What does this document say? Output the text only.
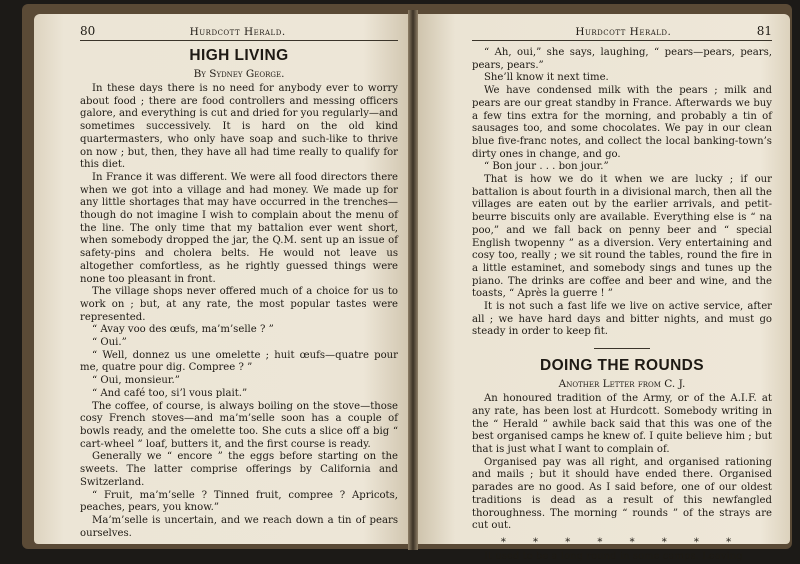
80	Hurdcott Herald.
HIGH LIVING
By Sydney George.

In these days there is no need for anybody ever to worry about food ; there are food controllers and messing officers galore, and everything is cut and dried for you regularly—and sometimes successively. It is hard on the old kind quartermasters, who only have soap and such-like to thrive on now ; but, then, they have all had time really to qualify for this diet.

In France it was different. We were all food directors there when we got into a village and had money. We made up for any little shortages that may have occurred in the trenches—though do not imagine I wish to complain about the menu of the line. The only time that my battalion ever went short, when somebody dropped the jar, the Q.M. sent up an issue of safety-pins and cholera belts. He would not leave us altogether comfortless, as he rightly guessed things were none too pleasant in front.

The village shops never offered much of a choice for us to work on ; but, at any rate, the most popular tastes were represented.

“ Avay voo des œufs, ma’m’selle ? ”

“ Oui.”

“ Well, donnez us une omelette ; huit œufs—quatre pour me, quatre pour dig. Compree ? ”

“ Oui, monsieur.”

“ And café too, si’l vous plait.”

The coffee, of course, is always boiling on the stove—those cosy French stoves—and ma’m’selle soon has a couple of bowls ready, and the omelette too. She cuts a slice off a big “ cart-wheel ” loaf, butters it, and the first course is ready.

Generally we “ encore ” the eggs before starting on the sweets. The latter comprise offerings by California and Switzerland.

“ Fruit, ma’m’selle ? Tinned fruit, compree ? Apricots, peaches, pears, you know.”

Ma’m’selle is uncertain, and we reach down a tin of pears ourselves.

Hurdcott Herald.	81

“ Ah, oui,” she says, laughing, “ pears—pears, pears, pears, pears.”

She’ll know it next time.

We have condensed milk with the pears ; milk and pears are our great standby in France. Afterwards we buy a few tins extra for the morning, and probably a tin of sausages too, and some chocolates. We pay in our clean blue five-franc notes, and collect the local banking-town’s dirty ones in change, and go.

“ Bon jour . . . bon jour.”

That is how we do it when we are lucky ; if our battalion is about fourth in a divisional march, then all the villages are eaten out by the earlier arrivals, and petit-beurre biscuits only are available. Everything else is “ na poo,” and we fall back on penny beer and “ special English twopenny ” as a diversion. Very entertaining and cosy too, really ; we sit round the tables, round the fire in a little estaminet, and somebody sings and tunes up the piano. The drinks are coffee and beer and wine, and the toasts, “ Après la guerre ! ”

It is not such a fast life we live on active service, after all ; we have hard days and bitter nights, and must go steady in order to keep fit.

DOING THE ROUNDS
Another Letter from C. J.

An honoured tradition of the Army, or of the A.I.F. at any rate, has been lost at Hurdcott. Somebody writing in the “ Herald ” awhile back said that this was one of the best organised camps he knew of. I quite believe him ; but that is just what I want to complain of.

Organised pay was all right, and organised rationing and mails ; but it should have ended there. Organised parades are no good. As I said before, one of our oldest traditions is dead as a result of this newfangled thoroughness. The morning “ rounds ” of the strays are cut out.

* * * * * * * *

It used to be a long round in some camps. Leaving
